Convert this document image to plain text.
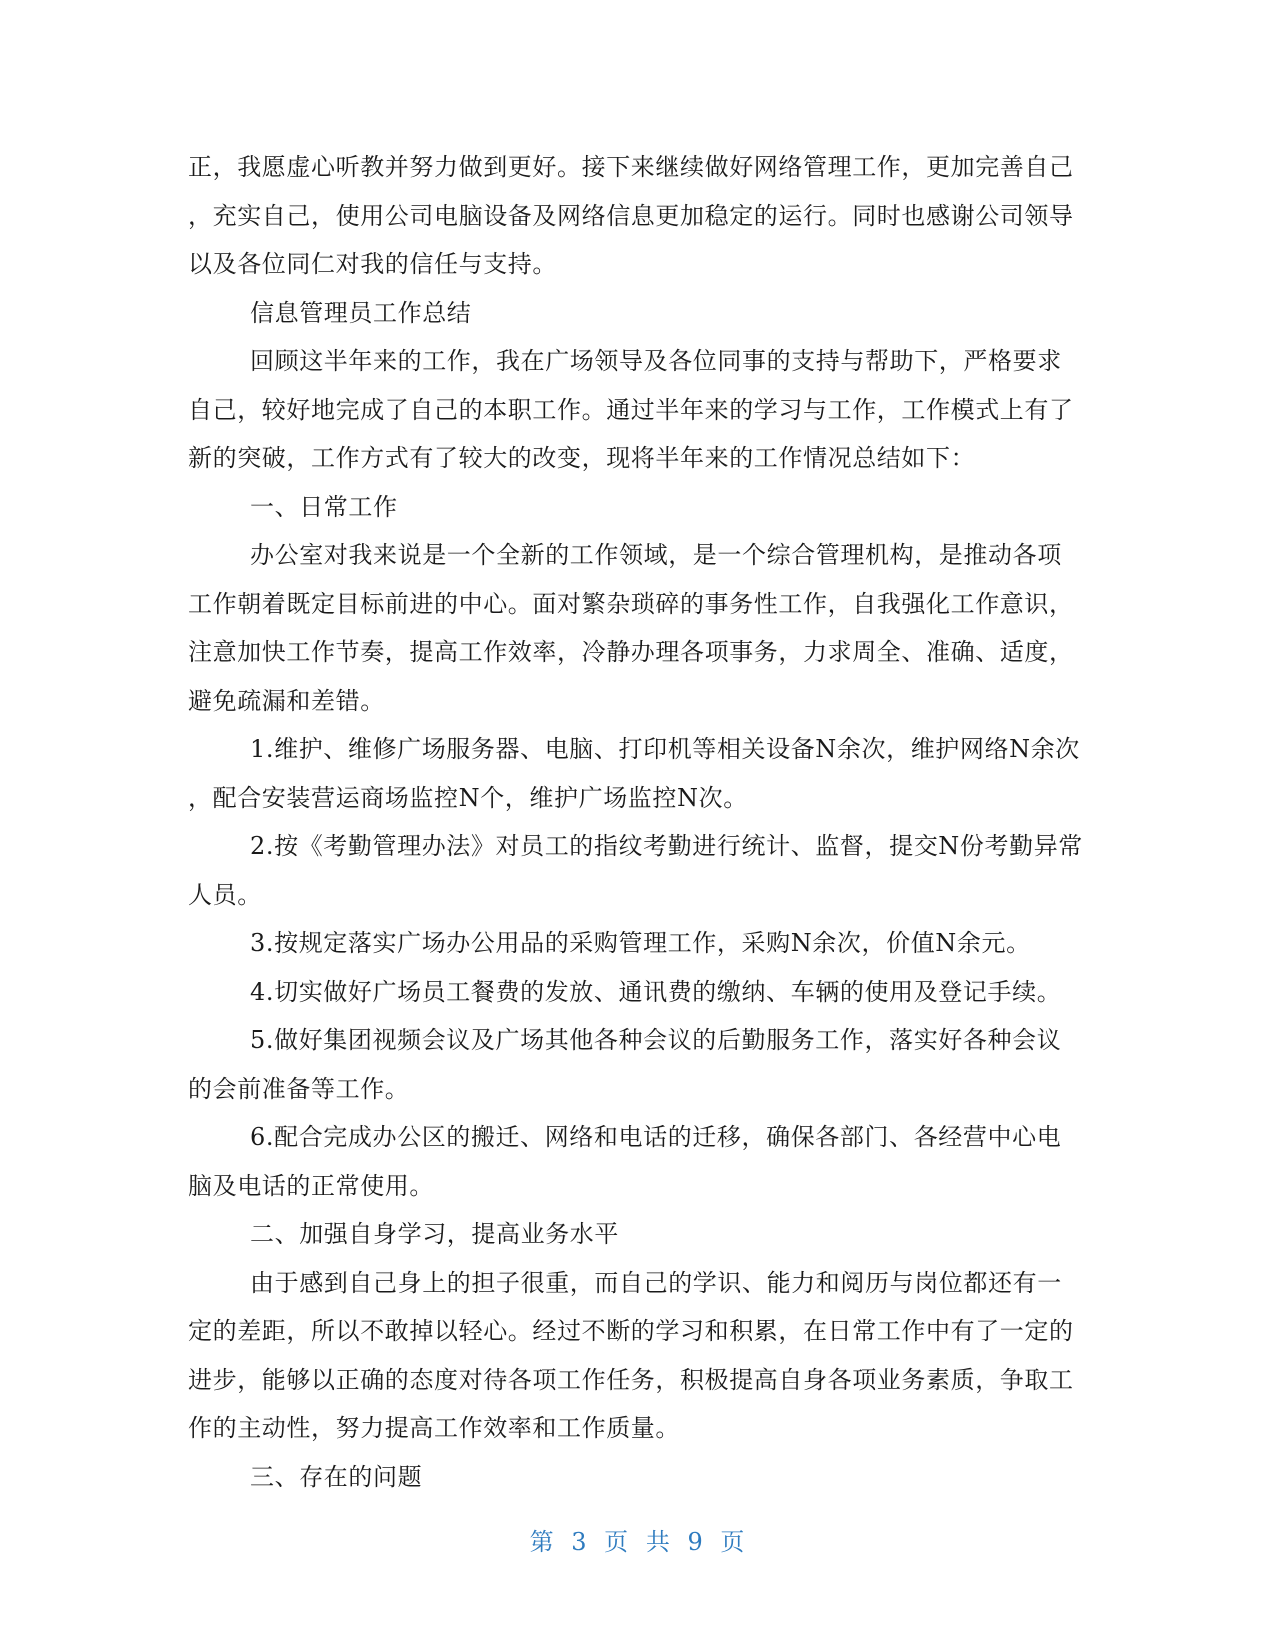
正，我愿虚心听教并努力做到更好。接下来继续做好网络管理工作，更加完善自己
，充实自己，使用公司电脑设备及网络信息更加稳定的运行。同时也感谢公司领导
以及各位同仁对我的信任与支持。

信息管理员工作总结

回顾这半年来的工作，我在广场领导及各位同事的支持与帮助下，严格要求
自己，较好地完成了自己的本职工作。通过半年来的学习与工作，工作模式上有了
新的突破，工作方式有了较大的改变，现将半年来的工作情况总结如下：

一、日常工作

办公室对我来说是一个全新的工作领域，是一个综合管理机构，是推动各项
工作朝着既定目标前进的中心。面对繁杂琐碎的事务性工作，自我强化工作意识，
注意加快工作节奏，提高工作效率，冷静办理各项事务，力求周全、准确、适度，
避免疏漏和差错。

1.维护、维修广场服务器、电脑、打印机等相关设备N余次，维护网络N余次
，配合安装营运商场监控N个，维护广场监控N次。

2.按《考勤管理办法》对员工的指纹考勤进行统计、监督，提交N份考勤异常
人员。

3.按规定落实广场办公用品的采购管理工作，采购N余次，价值N余元。

4.切实做好广场员工餐费的发放、通讯费的缴纳、车辆的使用及登记手续。

5.做好集团视频会议及广场其他各种会议的后勤服务工作，落实好各种会议
的会前准备等工作。

6.配合完成办公区的搬迁、网络和电话的迁移，确保各部门、各经营中心电
脑及电话的正常使用。

二、加强自身学习，提高业务水平

由于感到自己身上的担子很重，而自己的学识、能力和阅历与岗位都还有一
定的差距，所以不敢掉以轻心。经过不断的学习和积累，在日常工作中有了一定的
进步，能够以正确的态度对待各项工作任务，积极提高自身各项业务素质，争取工
作的主动性，努力提高工作效率和工作质量。

三、存在的问题

第 3 页 共 9 页
